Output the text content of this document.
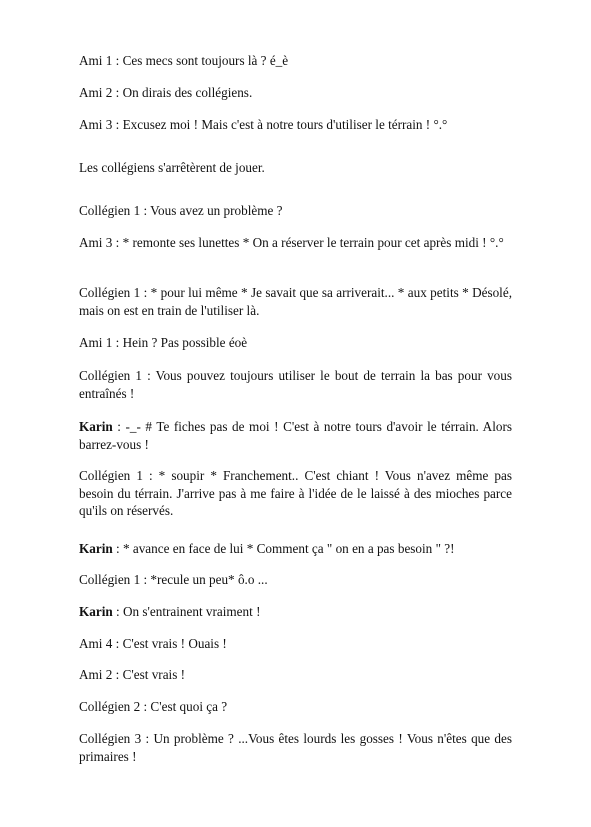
Ami 1 : Ces mecs sont toujours là ? é_è

Ami 2 : On dirais des collégiens.

Ami 3 : Excusez moi ! Mais c'est à notre tours d'utiliser le térrain ! °.°

Les collégiens s'arrêtèrent de jouer.

Collégien 1 : Vous avez un problème ?

Ami 3 : * remonte ses lunettes * On a réserver le terrain pour cet après midi ! °.°

Collégien 1 : * pour lui même * Je savait que sa arriverait... * aux petits * Désolé, mais on est en train de l'utiliser là.

Ami 1 : Hein ? Pas possible éoè

Collégien 1 : Vous pouvez toujours utiliser le bout de terrain la bas pour vous entraînés !

Karin : -_- # Te fiches pas de moi ! C'est à notre tours d'avoir le térrain. Alors barrez-vous !

Collégien 1 : * soupir * Franchement.. C'est chiant ! Vous n'avez même pas besoin du térrain. J'arrive pas à me faire à l'idée de le laissé à des mioches parce qu'ils on réservés.

Karin : * avance en face de lui * Comment ça " on en a pas besoin " ?!

Collégien 1 : *recule un peu* ô.o ...

Karin : On s'entrainent vraiment !

Ami 4 : C'est vrais ! Ouais !

Ami 2 : C'est vrais !

Collégien 2 : C'est quoi ça ?

Collégien 3 : Un problème ? ...Vous êtes lourds les gosses ! Vous n'êtes que des primaires !
